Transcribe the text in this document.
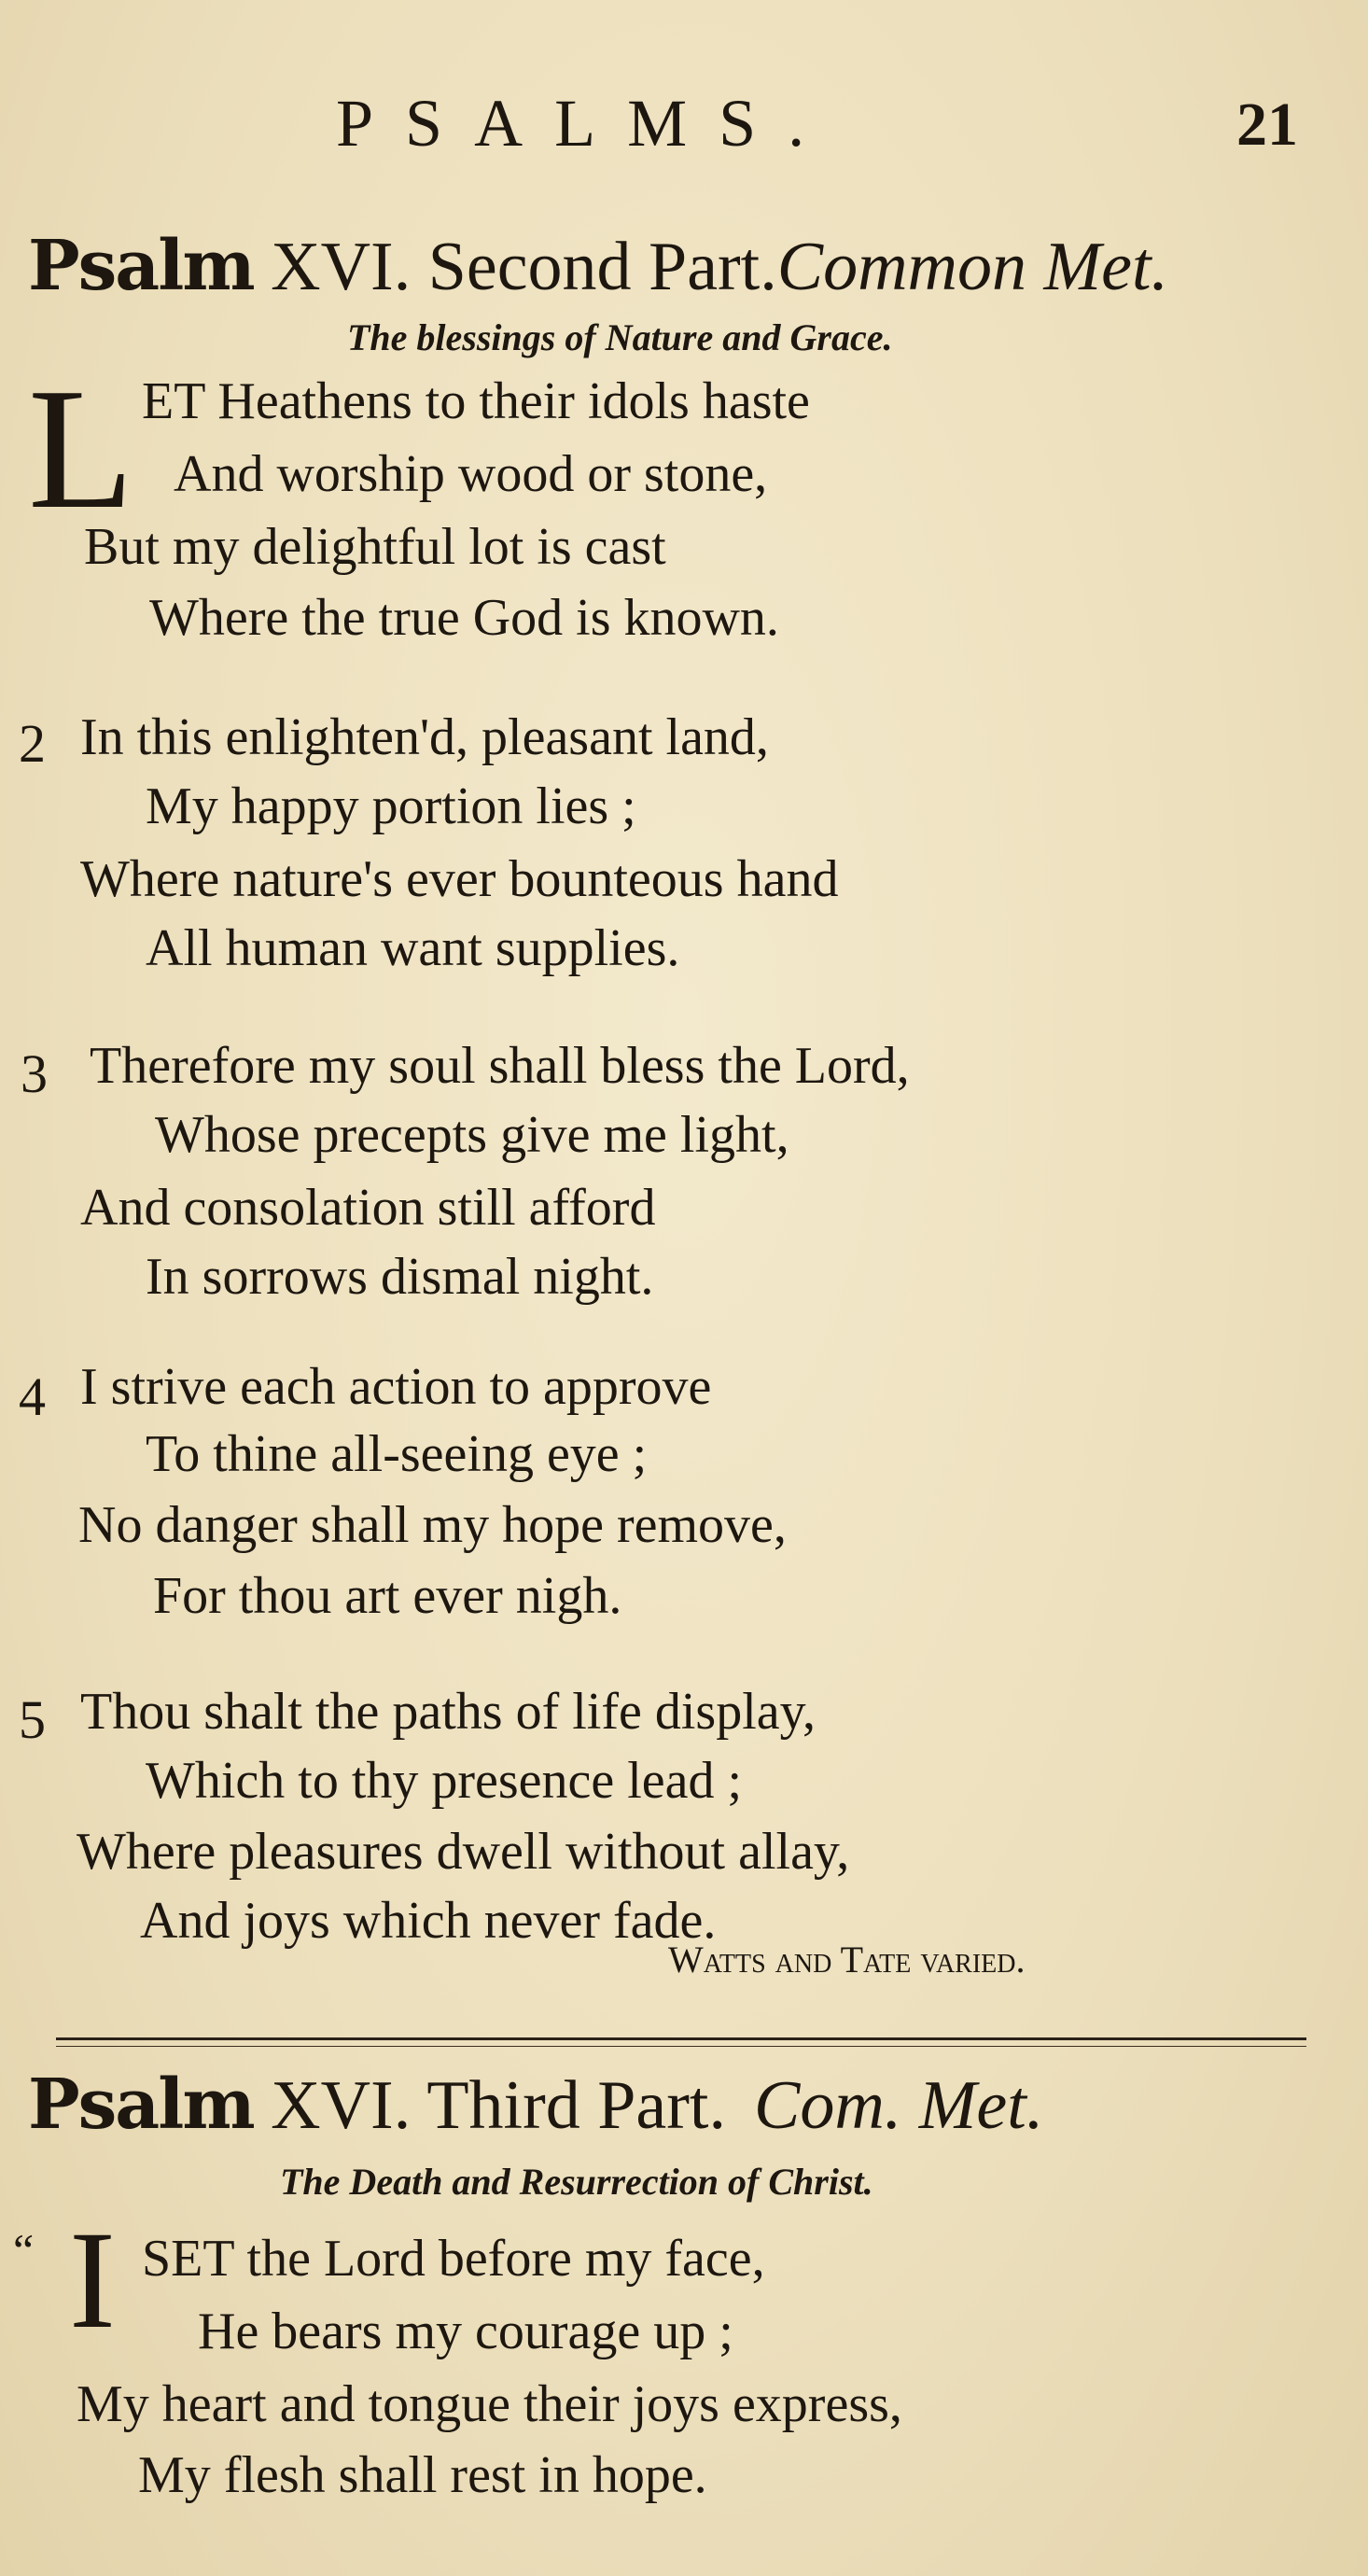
PSALMS.	21
Psalm XVI. Second Part.Common Met.
The blessings of Nature and Grace.
L ET Heathens to their idols haste
And worship wood or stone,
But my delightful lot is cast
Where the true God is known.
2 In this enlighten'd, pleasant land,
My happy portion lies ;
Where nature's ever bounteous hand
All human want supplies.
3 Therefore my soul shall bless the Lord,
Whose precepts give me light,
And consolation still afford
In sorrows dismal night.
4 I strive each action to approve
To thine all-seeing eye ;
No danger shall my hope remove,
For thou art ever nigh.
5 Thou shalt the paths of life display,
Which to thy presence lead ;
Where pleasures dwell without allay,
And joys which never fade.
Watts and Tate varied.
Psalm XVI. Third Part. Com. Met.
The Death and Resurrection of Christ.
“ I SET the Lord before my face,
He bears my courage up ;
My heart and tongue their joys express,
My flesh shall rest in hope.
